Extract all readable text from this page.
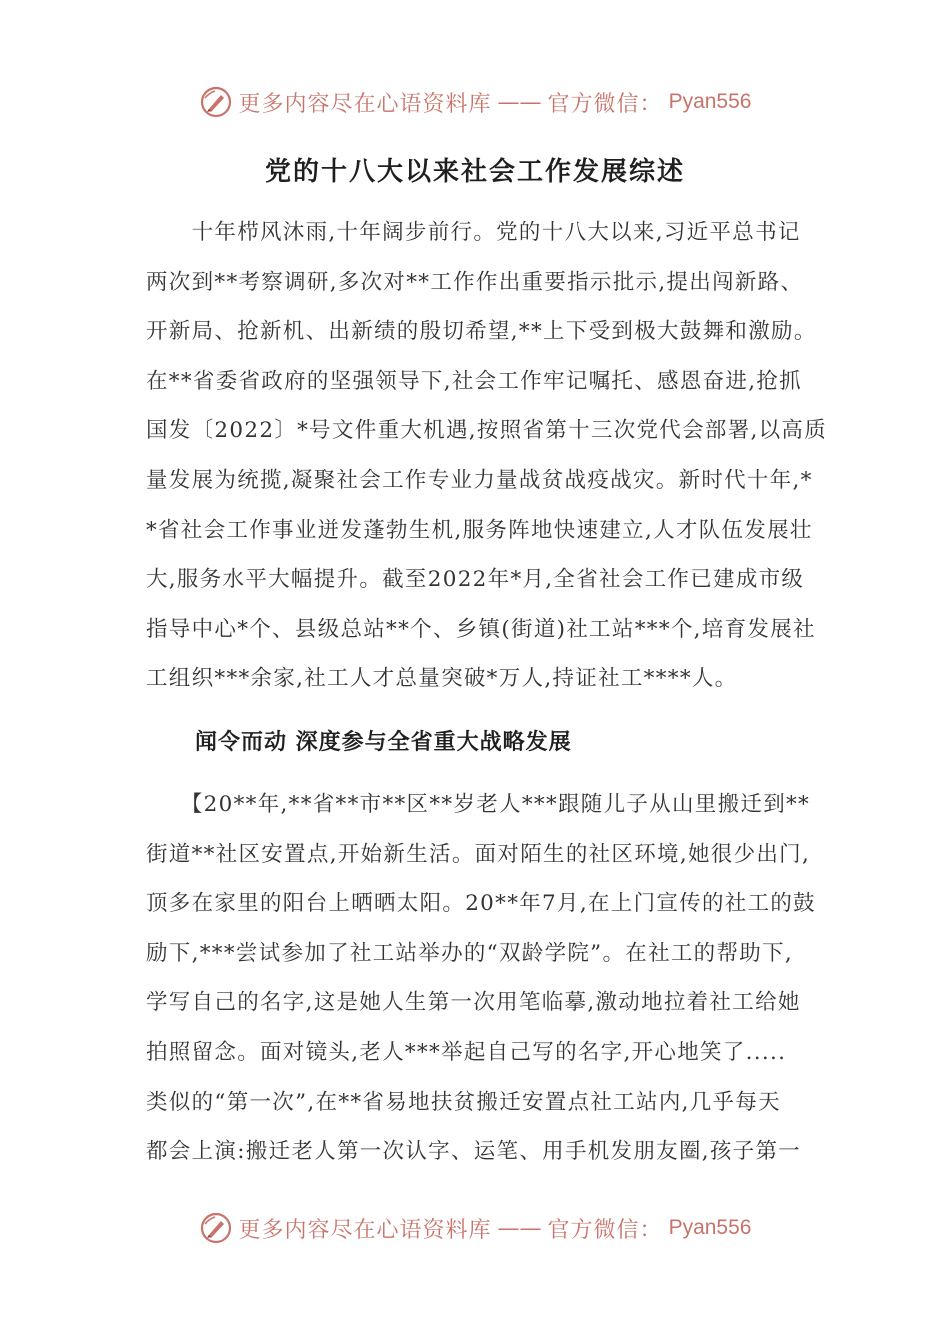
更多内容尽在心语资料库 —— 官方微信： Pyan556
党的十八大以来社会工作发展综述

　　十年栉风沐雨,十年阔步前行。党的十八大以来,习近平总书记
两次到**考察调研,多次对**工作作出重要指示批示,提出闯新路、
开新局、抢新机、出新绩的殷切希望,**上下受到极大鼓舞和激励。
在**省委省政府的坚强领导下,社会工作牢记嘱托、感恩奋进,抢抓
国发〔2022〕*号文件重大机遇,按照省第十三次党代会部署,以高质
量发展为统揽,凝聚社会工作专业力量战贫战疫战灾。新时代十年,*
*省社会工作事业迸发蓬勃生机,服务阵地快速建立,人才队伍发展壮
大,服务水平大幅提升。截至2022年*月,全省社会工作已建成市级
指导中心*个、县级总站**个、乡镇(街道)社工站***个,培育发展社
工组织***余家,社工人才总量突破*万人,持证社工****人。

闻令而动 深度参与全省重大战略发展

　　【20**年,**省**市**区**岁老人***跟随儿子从山里搬迁到**
街道**社区安置点,开始新生活。面对陌生的社区环境,她很少出门,
顶多在家里的阳台上晒晒太阳。20**年7月,在上门宣传的社工的鼓
励下,***尝试参加了社工站举办的“双龄学院”。在社工的帮助下,
学写自己的名字,这是她人生第一次用笔临摹,激动地拉着社工给她
拍照留念。面对镜头,老人***举起自己写的名字,开心地笑了.....
类似的“第一次”,在**省易地扶贫搬迁安置点社工站内,几乎每天
都会上演:搬迁老人第一次认字、运笔、用手机发朋友圈,孩子第一

更多内容尽在心语资料库 —— 官方微信： Pyan556
